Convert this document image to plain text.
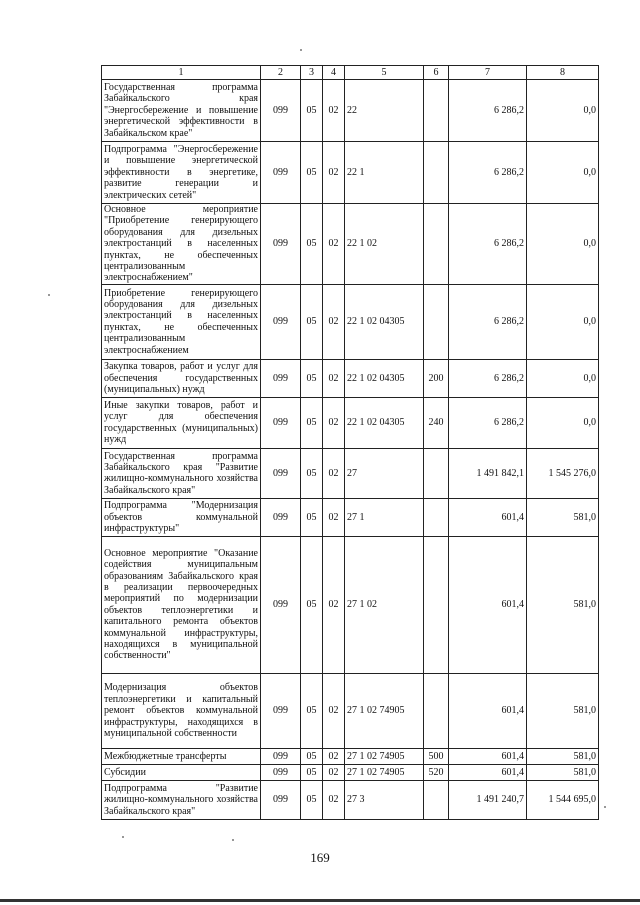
1	2	3	4	5	6	7	8
Государственная программа Забайкальского края "Энергосбережение и повышение энергетической эффективности в Забайкальском крае"	099	05	02	22		6 286,2	0,0
Подпрограмма "Энергосбережение и повышение энергетической эффективности в энергетике, развитие генерации и электрических сетей"	099	05	02	22 1		6 286,2	0,0
Основное мероприятие "Приобретение генерирующего оборудования для дизельных электростанций в населенных пунктах, не обеспеченных централизованным электроснабжением"	099	05	02	22 1 02		6 286,2	0,0
Приобретение генерирующего оборудования для дизельных электростанций в населенных пунктах, не обеспеченных централизованным электроснабжением	099	05	02	22 1 02 04305		6 286,2	0,0
Закупка товаров, работ и услуг для обеспечения государственных (муниципальных) нужд	099	05	02	22 1 02 04305	200	6 286,2	0,0
Иные закупки товаров, работ и услуг для обеспечения государственных (муниципальных) нужд	099	05	02	22 1 02 04305	240	6 286,2	0,0
Государственная программа Забайкальского края "Развитие жилищно-коммунального хозяйства Забайкальского края"	099	05	02	27		1 491 842,1	1 545 276,0
Подпрограмма "Модернизация объектов коммунальной инфраструктуры"	099	05	02	27 1		601,4	581,0
Основное мероприятие "Оказание содействия муниципальным образованиям Забайкальского края в реализации первоочередных мероприятий по модернизации объектов теплоэнергетики и капитального ремонта объектов коммунальной инфраструктуры, находящихся в муниципальной собственности"	099	05	02	27 1 02		601,4	581,0
Модернизация объектов теплоэнергетики и капитальный ремонт объектов коммунальной инфраструктуры, находящихся в муниципальной собственности	099	05	02	27 1 02 74905		601,4	581,0
Межбюджетные трансферты	099	05	02	27 1 02 74905	500	601,4	581,0
Субсидии	099	05	02	27 1 02 74905	520	601,4	581,0
Подпрограмма "Развитие жилищно-коммунального хозяйства Забайкальского края"	099	05	02	27 3		1 491 240,7	1 544 695,0
169
